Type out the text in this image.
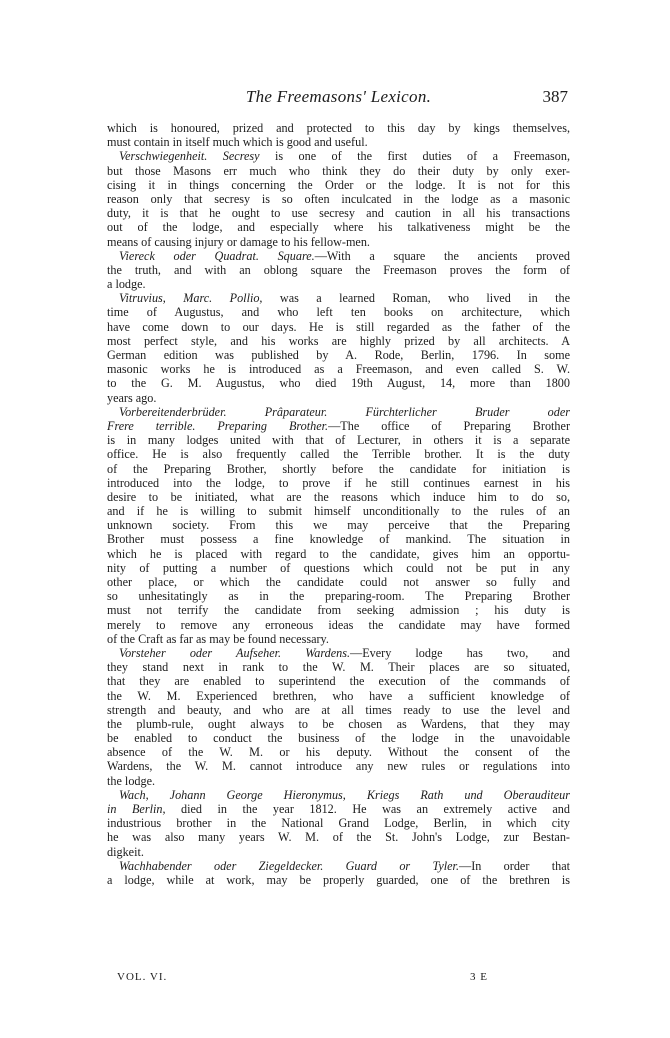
The Freemasons' Lexicon.	387
which is honoured, prized and protected to this day by kings themselves,
must contain in itself much which is good and useful.
Verschwiegenheit. Secresy is one of the first duties of a Freemason,
but those Masons err much who think they do their duty by only exer-
cising it in things concerning the Order or the lodge. It is not for this
reason only that secresy is so often inculcated in the lodge as a masonic
duty, it is that he ought to use secresy and caution in all his transactions
out of the lodge, and especially where his talkativeness might be the
means of causing injury or damage to his fellow-men.
Viereck oder Quadrat. Square.—With a square the ancients proved
the truth, and with an oblong square the Freemason proves the form of
a lodge.
Vitruvius, Marc. Pollio, was a learned Roman, who lived in the
time of Augustus, and who left ten books on architecture, which
have come down to our days. He is still regarded as the father of the
most perfect style, and his works are highly prized by all architects. A
German edition was published by A. Rode, Berlin, 1796. In some
masonic works he is introduced as a Freemason, and even called S. W.
to the G. M. Augustus, who died 19th August, 14, more than 1800
years ago.
Vorbereitenderbrüder. Prâparateur. Fürchterlicher Bruder oder
Frere terrible. Preparing Brother.—The office of Preparing Brother
is in many lodges united with that of Lecturer, in others it is a separate
office. He is also frequently called the Terrible brother. It is the duty
of the Preparing Brother, shortly before the candidate for initiation is
introduced into the lodge, to prove if he still continues earnest in his
desire to be initiated, what are the reasons which induce him to do so,
and if he is willing to submit himself unconditionally to the rules of an
unknown society. From this we may perceive that the Preparing
Brother must possess a fine knowledge of mankind. The situation in
which he is placed with regard to the candidate, gives him an opportu-
nity of putting a number of questions which could not be put in any
other place, or which the candidate could not answer so fully and
so unhesitatingly as in the preparing-room. The Preparing Brother
must not terrify the candidate from seeking admission ; his duty is
merely to remove any erroneous ideas the candidate may have formed
of the Craft as far as may be found necessary.
Vorsteher oder Aufseher. Wardens.—Every lodge has two, and
they stand next in rank to the W. M. Their places are so situated,
that they are enabled to superintend the execution of the commands of
the W. M. Experienced brethren, who have a sufficient knowledge of
strength and beauty, and who are at all times ready to use the level and
the plumb-rule, ought always to be chosen as Wardens, that they may
be enabled to conduct the business of the lodge in the unavoidable
absence of the W. M. or his deputy. Without the consent of the
Wardens, the W. M. cannot introduce any new rules or regulations into
the lodge.
Wach, Johann George Hieronymus, Kriegs Rath und Oberauditeur
in Berlin, died in the year 1812. He was an extremely active and
industrious brother in the National Grand Lodge, Berlin, in which city
he was also many years W. M. of the St. John's Lodge, zur Bestan-
digkeit.
Wachhabender oder Ziegeldecker. Guard or Tyler.—In order that
a lodge, while at work, may be properly guarded, one of the brethren is
VOL. VI.	3 E
